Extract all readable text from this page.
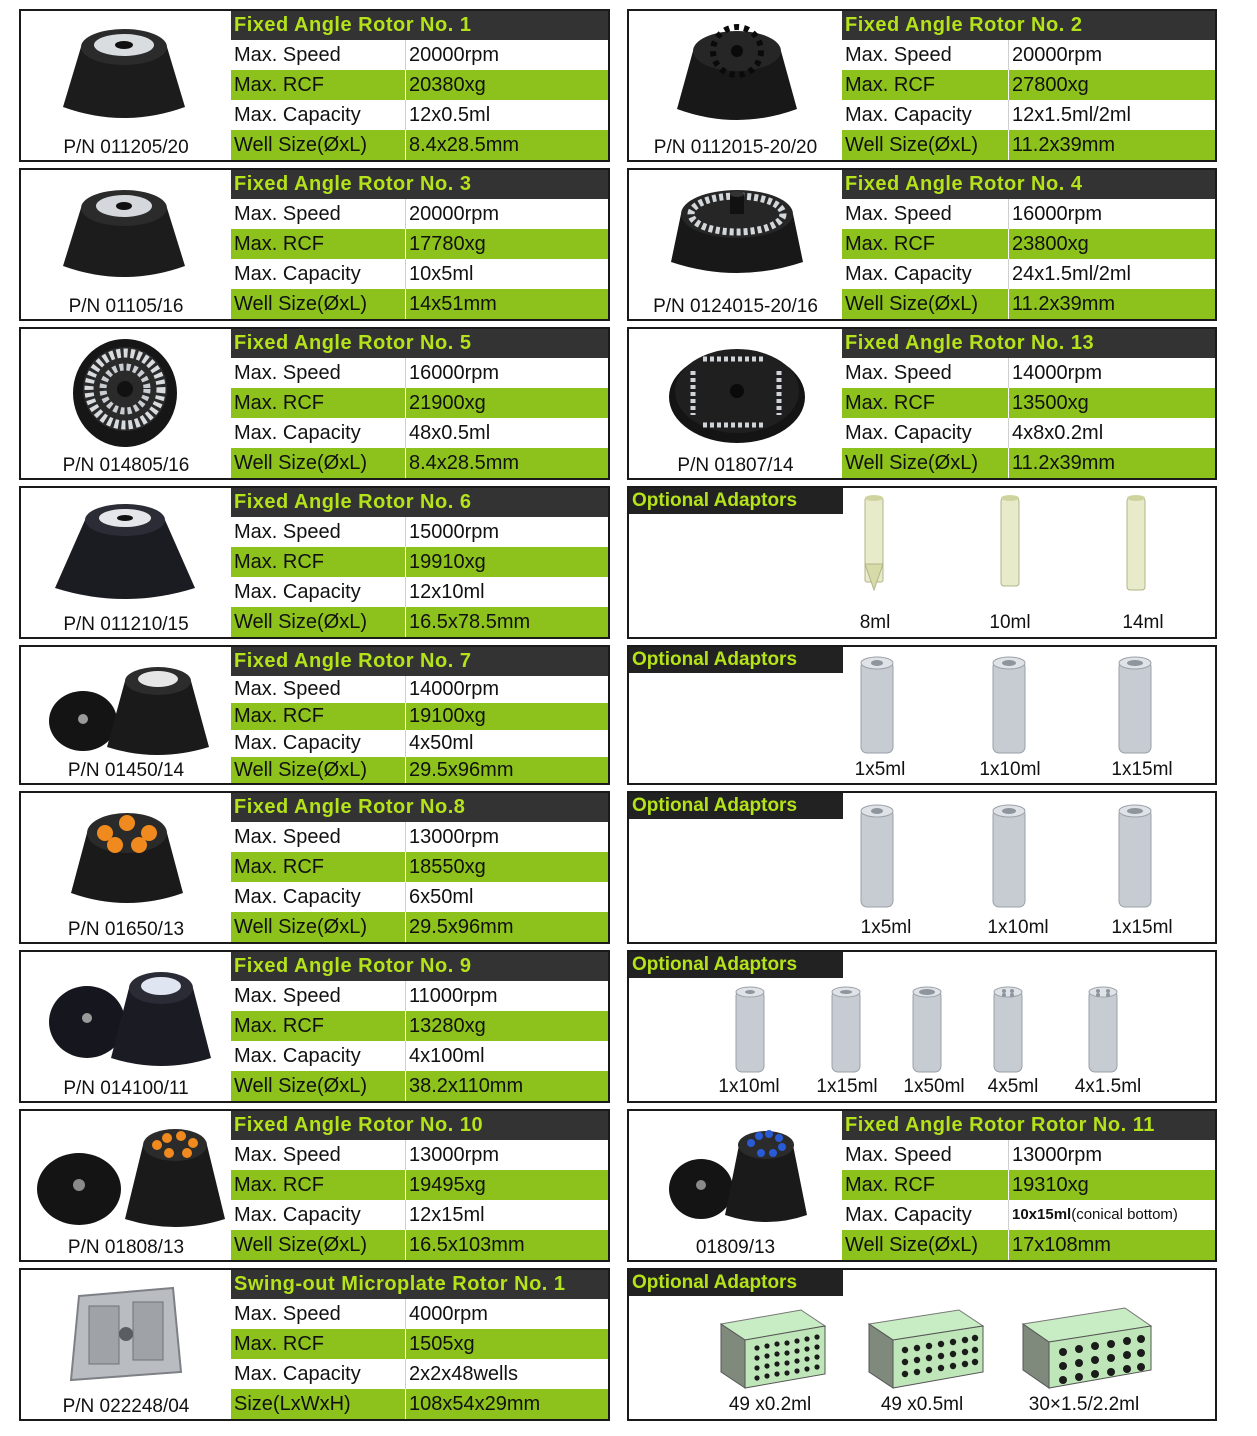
P/N 011205/20
Fixed Angle Rotor No. 1
Max. Speed	20000rpm
Max. RCF	20380xg
Max. Capacity 12x0.5ml
Well Size(ØxL) 8.4x28.5mm
P/N 01105/16
Fixed Angle Rotor No. 3
Max. Speed	20000rpm
Max. RCF	17780xg
Max. Capacity 10x5ml
Well Size(ØxL) 14x51mm
P/N 014805/16
Fixed Angle Rotor No. 5
Max. Speed	16000rpm
Max. RCF	21900xg
Max. Capacity 48x0.5ml
Well Size(ØxL) 8.4x28.5mm
P/N 011210/15
Fixed Angle Rotor No. 6
Max. Speed	15000rpm
Max. RCF	19910xg
Max. Capacity 12x10ml
Well Size(ØxL) 16.5x78.5mm
P/N 01450/14
Fixed Angle Rotor No. 7
Max. Speed	14000rpm
Max. RCF	19100xg
Max. Capacity 4x50ml
Well Size(ØxL) 29.5x96mm
P/N 01650/13
Fixed Angle Rotor No.8
Max. Speed	13000rpm
Max. RCF	18550xg
Max. Capacity 6x50ml
Well Size(ØxL) 29.5x96mm
P/N 014100/11
Fixed Angle Rotor No. 9
Max. Speed	11000rpm
Max. RCF	13280xg
Max. Capacity 4x100ml
Well Size(ØxL) 38.2x110mm
P/N 01808/13
Fixed Angle Rotor No. 10
Max. Speed	13000rpm
Max. RCF	19495xg
Max. Capacity 12x15ml
Well Size(ØxL) 16.5x103mm
P/N 022248/04
Swing-out Microplate Rotor No. 1
Max. Speed	4000rpm
Max. RCF	1505xg
Max. Capacity 2x2x48wells
Size(LxWxH)	108x54x29mm
P/N 0112015-20/20
Fixed Angle Rotor No. 2
Max. Speed	20000rpm
Max. RCF	27800xg
Max. Capacity 12x1.5ml/2ml
Well Size(ØxL) 11.2x39mm
P/N 0124015-20/16
Fixed Angle Rotor No. 4
Max. Speed	16000rpm
Max. RCF	23800xg
Max. Capacity 24x1.5ml/2ml
Well Size(ØxL) 11.2x39mm
P/N 01807/14
Fixed Angle Rotor No. 13
Max. Speed	14000rpm
Max. RCF	13500xg
Max. Capacity 4x8x0.2ml
Well Size(ØxL) 11.2x39mm
Optional Adaptors
8ml	10ml	14ml
Optional Adaptors
1x5ml	1x10ml	1x15ml
Optional Adaptors
1x5ml	1x10ml	1x15ml
Optional Adaptors
1x10ml	1x15ml	1x50ml	4x5ml	4x1.5ml
01809/13
Fixed Angle Rotor Rotor No. 11
Max. Speed	13000rpm
Max. RCF	19310xg
Max. Capacity	10x15ml(conical bottom)
Well Size(ØxL) 17x108mm
Optional Adaptors
49 x0.2ml	49 x0.5ml	30×1.5/2.2ml
